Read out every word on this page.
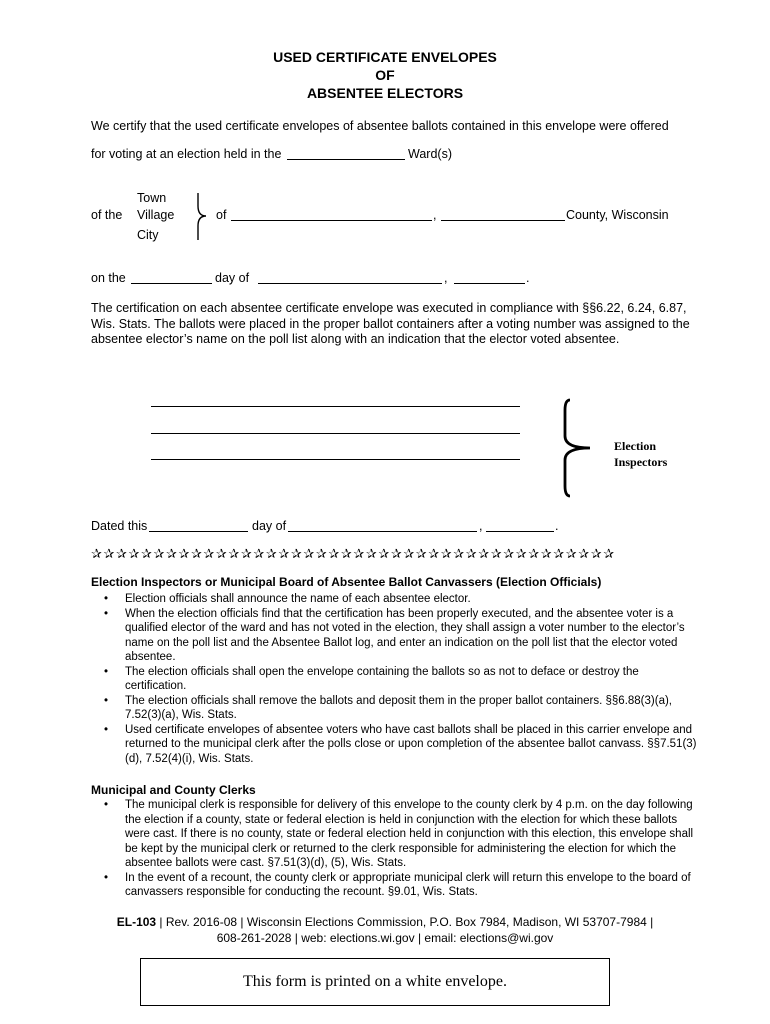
USED CERTIFICATE ENVELOPES
OF
ABSENTEE ELECTORS
We certify that the used certificate envelopes of absentee ballots contained in this envelope were offered
for voting at an election held in the	Ward(s)
of the
Town
Village
City
of	,	County, Wisconsin
on the	day of	,	.
The certification on each absentee certificate envelope was executed in compliance with §§6.22, 6.24, 6.87, Wis. Stats. The ballots were placed in the proper ballot containers after a voting number was assigned to the absentee elector’s name on the poll list along with an indication that the elector voted absentee.
Election
Inspectors
Dated this	day of	,	.
✰✰✰✰✰✰✰✰✰✰✰✰✰✰✰✰✰✰✰✰✰✰✰✰✰✰✰✰✰✰✰✰✰✰✰✰✰✰✰✰✰✰
Election Inspectors or Municipal Board of Absentee Ballot Canvassers (Election Officials)
• Election officials shall announce the name of each absentee elector.
• When the election officials find that the certification has been properly executed, and the absentee voter is a qualified elector of the ward and has not voted in the election, they shall assign a voter number to the elector’s name on the poll list and the Absentee Ballot log, and enter an indication on the poll list that the elector voted absentee.
• The election officials shall open the envelope containing the ballots so as not to deface or destroy the certification.
• The election officials shall remove the ballots and deposit them in the proper ballot containers. §§6.88(3)(a), 7.52(3)(a), Wis. Stats.
• Used certificate envelopes of absentee voters who have cast ballots shall be placed in this carrier envelope and returned to the municipal clerk after the polls close or upon completion of the absentee ballot canvass. §§7.51(3)(d), 7.52(4)(i), Wis. Stats.
Municipal and County Clerks
• The municipal clerk is responsible for delivery of this envelope to the county clerk by 4 p.m. on the day following the election if a county, state or federal election is held in conjunction with the election for which these ballots were cast. If there is no county, state or federal election held in conjunction with this election, this envelope shall be kept by the municipal clerk or returned to the clerk responsible for administering the election for which the absentee ballots were cast. §7.51(3)(d), (5), Wis. Stats.
• In the event of a recount, the county clerk or appropriate municipal clerk will return this envelope to the board of canvassers responsible for conducting the recount. §9.01, Wis. Stats.
EL-103 | Rev. 2016-08 | Wisconsin Elections Commission, P.O. Box 7984, Madison, WI 53707-7984 |
608-261-2028 | web: elections.wi.gov | email: elections@wi.gov
This form is printed on a white envelope.
